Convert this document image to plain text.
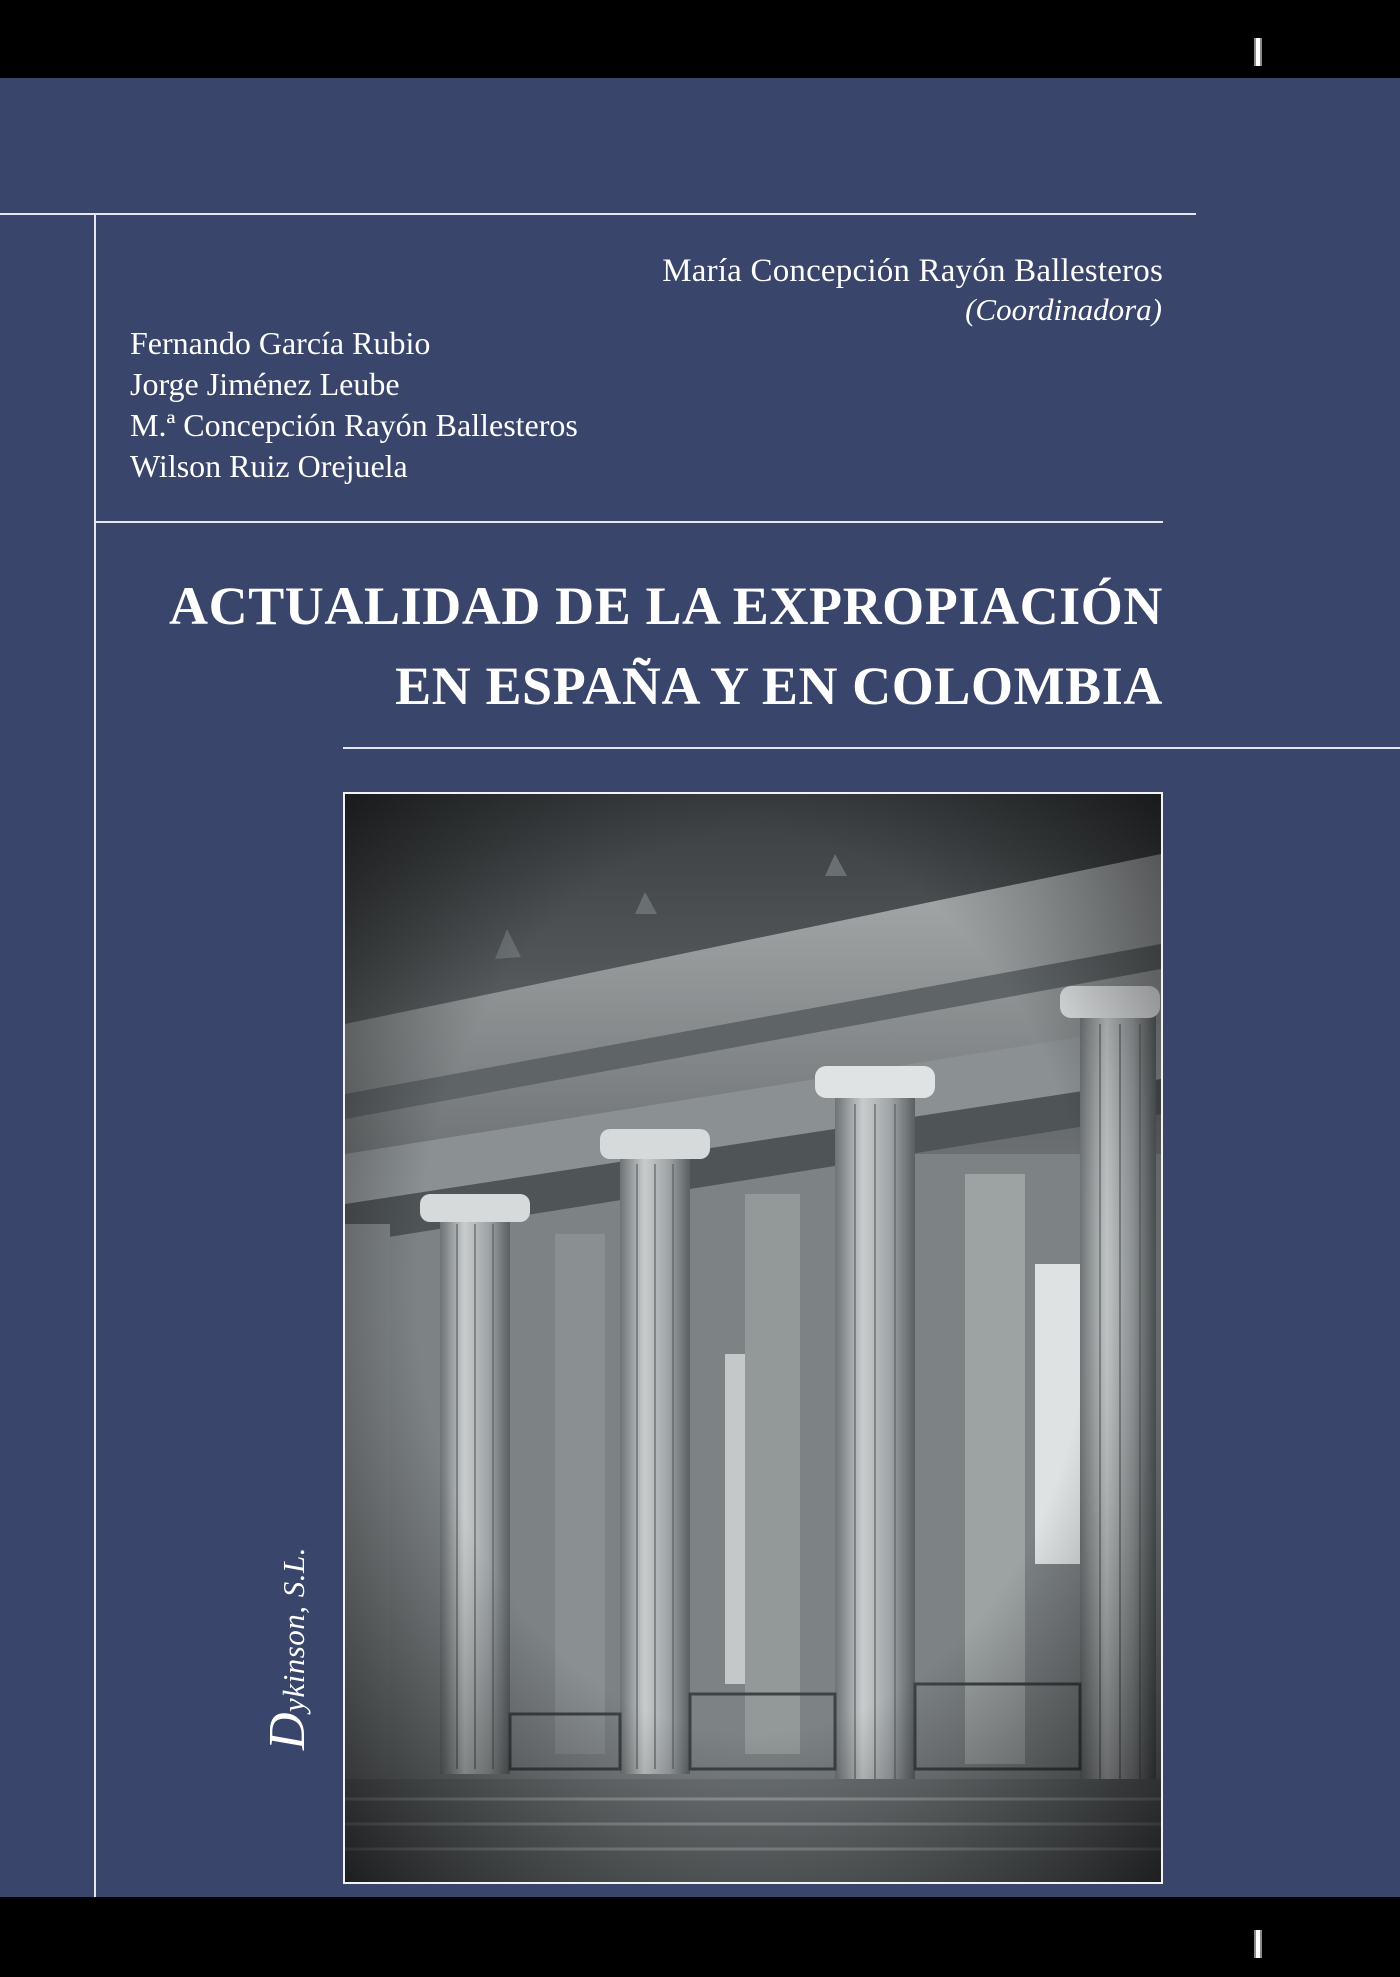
María Concepción Rayón Ballesteros
(Coordinadora)
Fernando García Rubio
Jorge Jiménez Leube
M.ª Concepción Rayón Ballesteros
Wilson Ruiz Orejuela
ACTUALIDAD DE LA EXPROPIACIÓN
EN ESPAÑA Y EN COLOMBIA
Dykinson, S.L.
